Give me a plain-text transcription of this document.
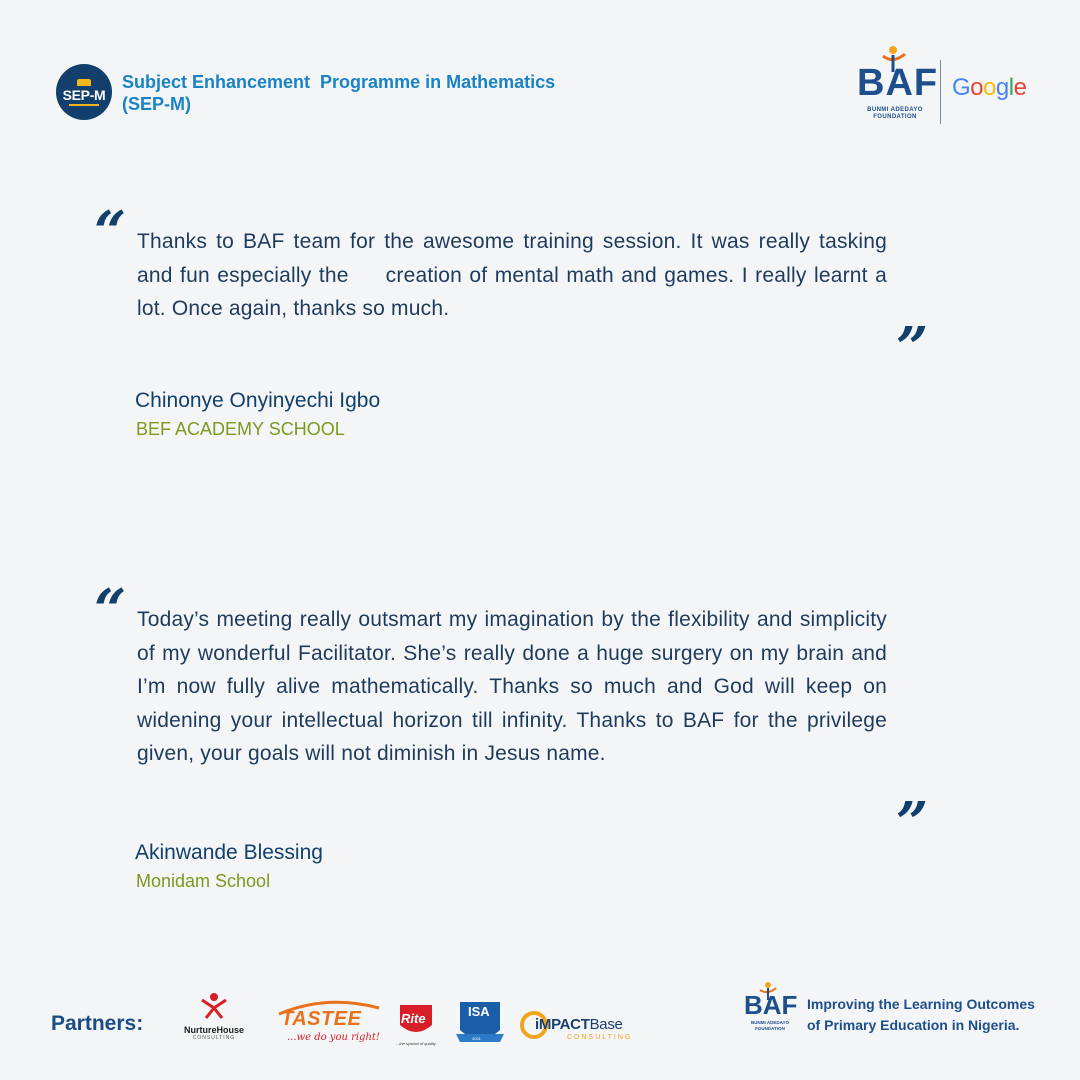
SEP-M
Subject Enhancement  Programme in Mathematics
(SEP-M)	BAF
BUNMI ADEDAYO
FOUNDATION
Google
“ Thanks to BAF team for the awesome training session. It was really tasking and fun especially the     creation of mental math and games. I really learnt a lot. Once again, thanks so much.
”
Chinonye Onyinyechi Igbo
BEF ACADEMY SCHOOL
“ Today’s meeting really outsmart my imagination by the flexibility and simplicity of my wonderful Facilitator. She’s really done a huge surgery on my brain and I’m now fully alive mathematically. Thanks so much and God will keep on widening your intellectual horizon till infinity. Thanks to BAF for the privilege given, your goals will not diminish in Jesus name.
”
Akinwande Blessing
Monidam School
Partners:	NurtureHouse
CONSULTING
TASTEE
...we do you right!
Rite
...the symbol of quality
ISA
2021
iMPACTBase
CONSULTING
BAF
BUNMI ADEDAYO
FOUNDATION
Improving the Learning Outcomes
of Primary Education in Nigeria.
